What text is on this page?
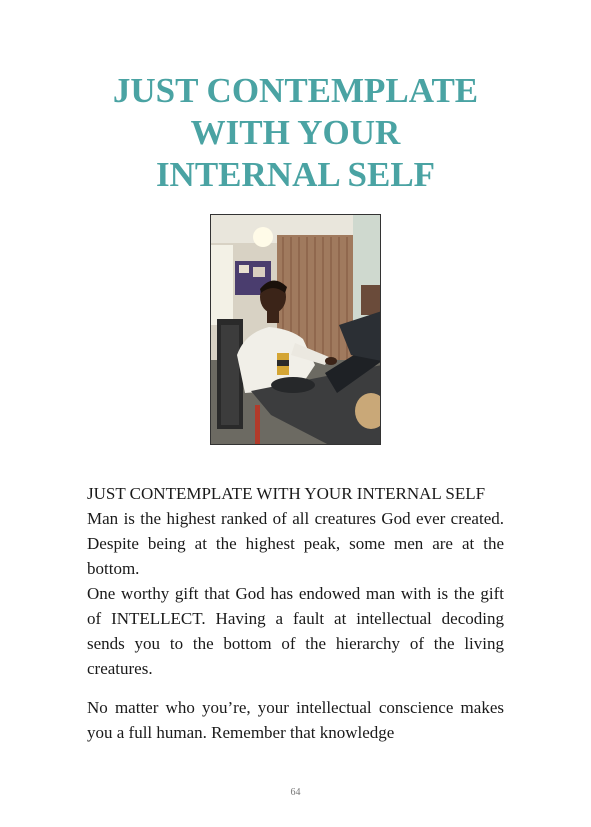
JUST CONTEMPLATE
WITH YOUR
INTERNAL SELF

JUST CONTEMPLATE WITH YOUR INTERNAL SELF

Man is the highest ranked of all creatures God ever created. Despite being at the highest peak, some men are at the bottom.

One worthy gift that God has endowed man with is the gift of INTELLECT. Having a fault at intellectual decoding sends you to the bottom of the hierarchy of the living creatures.

No matter who you’re, your intellectual conscience makes you a full human. Remember that knowledge

64
